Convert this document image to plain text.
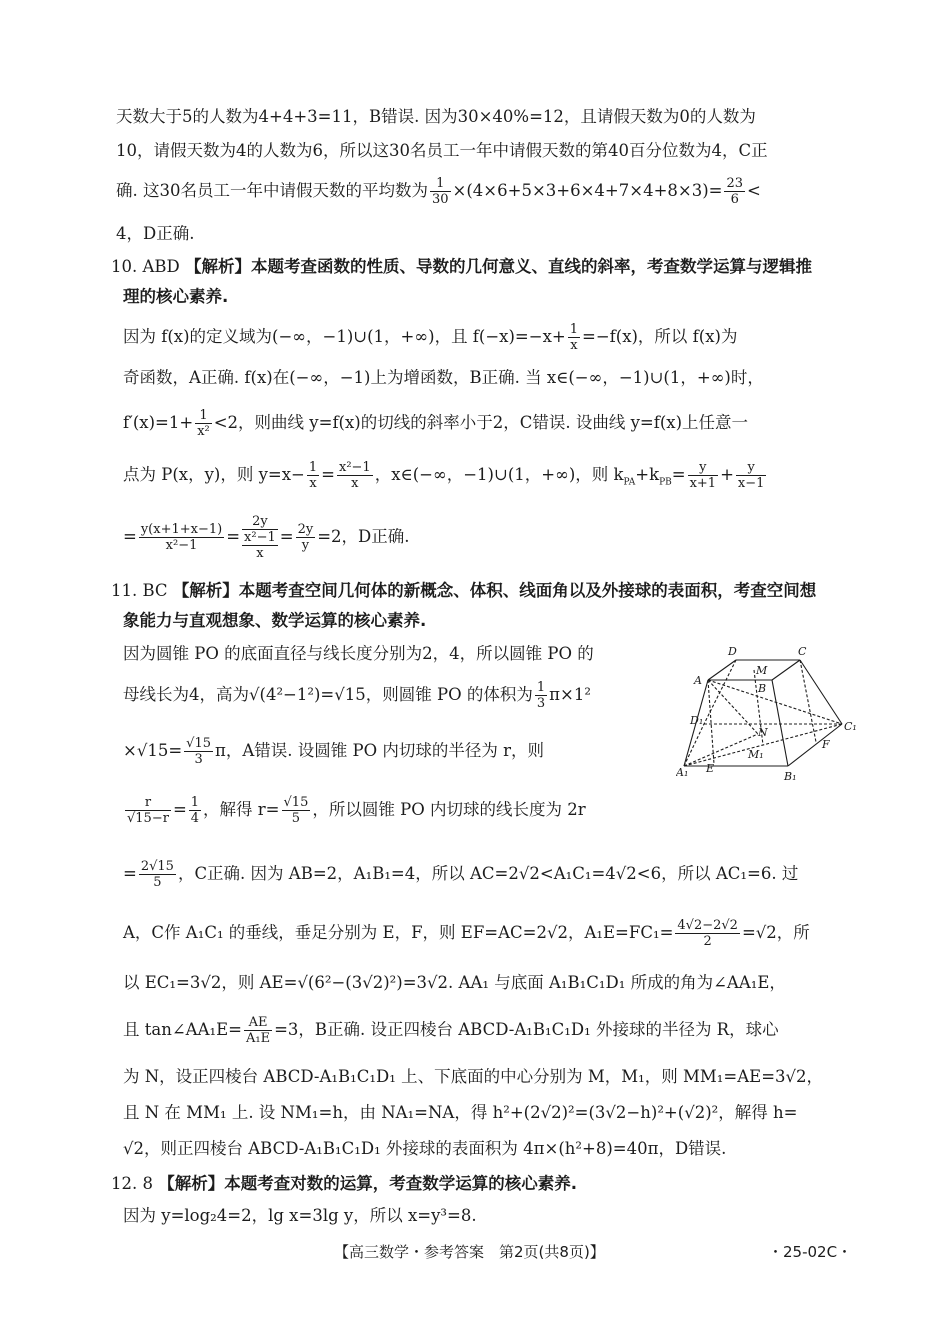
天数大于5的人数为4+4+3=11，B错误. 因为30×40%=12，且请假天数为0的人数为
10，请假天数为4的人数为6，所以这30名员工一年中请假天数的第40百分位数为4，C正
确. 这30名员工一年中请假天数的平均数为 $\frac{1}{30} \times(4\times 6+5\times 3+6\times 4+7\times 4+8\times 3)= \frac{23}{6}$ <
4，D正确.
10. ABD 【解析】本题考查函数的性质、导数的几何意义、直线的斜率，考查数学运算与逻辑推
理的核心素养.
因为 f(x)的定义域为(−∞，−1)∪(1，+∞)，且 $f(-x)=-x+ \frac{1}{x} =-f(x)$，所以 f(x)为
奇函数，A正确. f(x)在(−∞，−1)上为增函数，B正确. 当 x∈(−∞，−1)∪(1，+∞)时，
$f'(x)=1+ \frac{1}{\text{x²}} <2$，则曲线 y=f(x)的切线的斜率小于2，C错误. 设曲线 y=f(x)上任意一
点为 P(x，y)，则 $y=x- \frac{1}{x} = \frac{\text{x²−1}}{x}$ ，x∈(−∞，−1)∪(1，+∞)，则 $k_{PA}+k_{PB}= \frac{y}{x+1} + \frac{y}{x-1}$
= $\frac{y(x+1+x-1)}{\text{x²−1}}$ =
2y
x²−1
x
= $\frac{2y}{y} =2$，D正确.
11. BC 【解析】本题考查空间几何体的新概念、体积、线面角以及外接球的表面积，考查空间想
象能力与直观想象、数学运算的核心素养.
因为圆锥 PO 的底面直径与线长度分别为2，4，所以圆锥 PO 的
母线长为4，高为√(4²−1²)=√15，则圆锥 PO 的体积为 $\frac{1}{3} \pi\times 1^2$
$\times√15= \frac{√15}{3}$ π，A错误. 设圆锥 PO 内切球的半径为 r，则
$\frac{r}{√15-r} = \frac{1}{4}$ ，解得 $r= \frac{√15}{5}$ ，所以圆锥 PO 内切球的线长度为 2r
= $\frac{2√15}{5}$ ，C正确. 因为 AB=2，A₁B₁=4，所以 AC=2√2<A₁C₁=4√2<6，所以 AC₁=6. 过
A，C作 A₁C₁ 的垂线，垂足分别为 E，F，则 EF=AC=2√2，$A_1E=FC_1= \frac{4√2-2√2}{2} =√2$，所
以 EC₁=3√2，则 AE=√(6²−(3√2)²)=3√2. AA₁ 与底面 A₁B₁C₁D₁ 所成的角为∠AA₁E，
且 tan∠AA₁E= $\frac{AE}{\text{A₁E}} =3$，B正确. 设正四棱台 ABCD-A₁B₁C₁D₁ 外接球的半径为 R，球心
为 N，设正四棱台 ABCD-A₁B₁C₁D₁ 上、下底面的中心分别为 M，M₁，则 MM₁=AE=3√2，
且 N 在 MM₁ 上. 设 NM₁=h，由 NA₁=NA，得 h²+(2√2)²=(3√2−h)²+(√2)²，解得 h=
√2，则正四棱台 ABCD-A₁B₁C₁D₁ 外接球的表面积为 4π×(h²+8)=40π，D错误.
12. 8 【解析】本题考查对数的运算，考查数学运算的核心素养.
因为 y=log₂4=2，lg x=3lg y，所以 x=y³=8.
D	C
A
M
B
D₁	C₁
N
F
M₁
A₁ E
B₁
【高三数学・参考答案　第2页(共8页)】	・25-02C・
